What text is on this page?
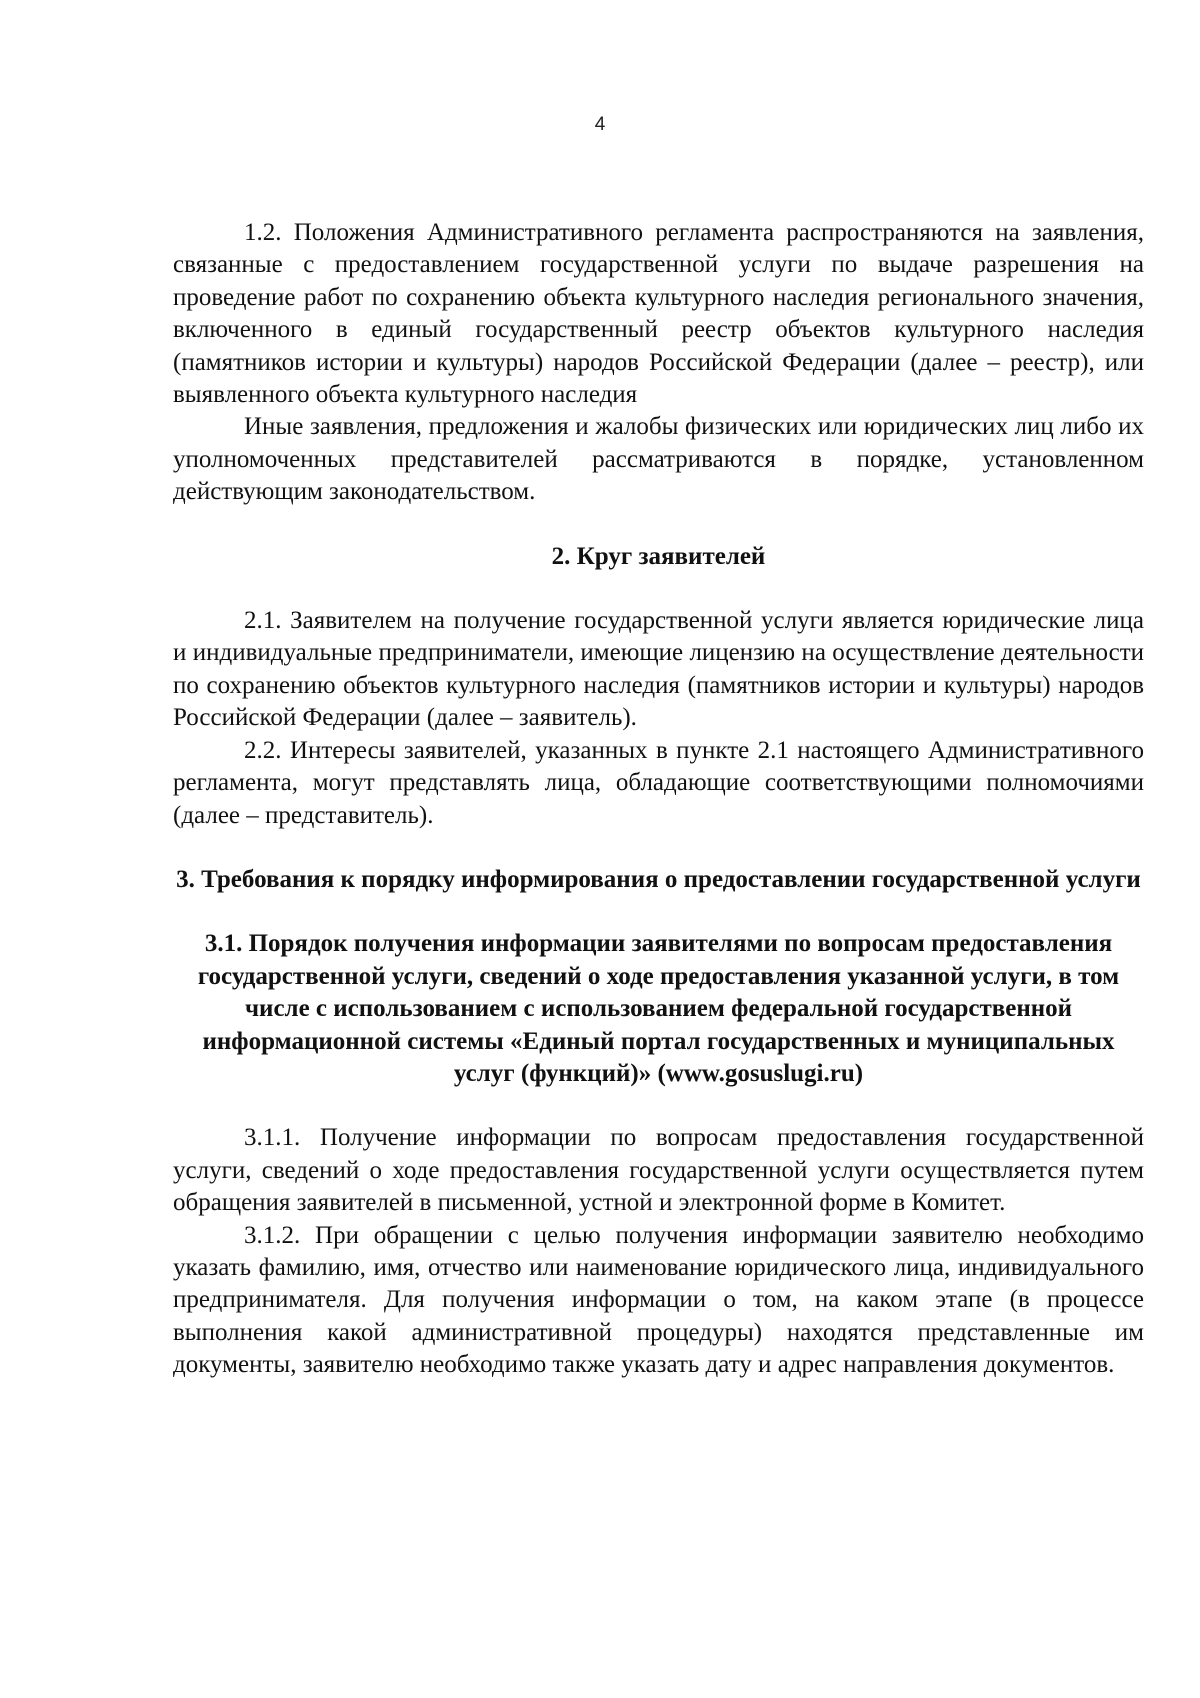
4

1.2. Положения Административного регламента распространяются на заявления, связанные с предоставлением государственной услуги по выдаче разрешения на проведение работ по сохранению объекта культурного наследия регионального значения, включенного в единый государственный реестр объектов культурного наследия (памятников истории и культуры) народов Российской Федерации (далее – реестр), или выявленного объекта культурного наследия

Иные заявления, предложения и жалобы физических или юридических лиц либо их уполномоченных представителей рассматриваются в порядке, установленном действующим законодательством.

2. Круг заявителей

2.1. Заявителем на получение государственной услуги является юридические лица и индивидуальные предприниматели, имеющие лицензию на осуществление деятельности по сохранению объектов культурного наследия (памятников истории и культуры) народов Российской Федерации (далее – заявитель).

2.2. Интересы заявителей, указанных в пункте 2.1 настоящего Административного регламента, могут представлять лица, обладающие соответствующими полномочиями (далее – представитель).

3. Требования к порядку информирования о предоставлении государственной услуги
3.1. Порядок получения информации заявителями по вопросам предоставления государственной услуги, сведений о ходе предоставления указанной услуги, в том числе с использованием с использованием федеральной государственной информационной системы «Единый портал государственных и муниципальных услуг (функций)» (www.gosuslugi.ru)

3.1.1. Получение информации по вопросам предоставления государственной услуги, сведений о ходе предоставления государственной услуги осуществляется путем обращения заявителей в письменной, устной и электронной форме в Комитет.

3.1.2. При обращении с целью получения информации заявителю необходимо указать фамилию, имя, отчество или наименование юридического лица, индивидуального предпринимателя. Для получения информации о том, на каком этапе (в процессе выполнения какой административной процедуры) находятся представленные им документы, заявителю необходимо также указать дату и адрес направления документов.
